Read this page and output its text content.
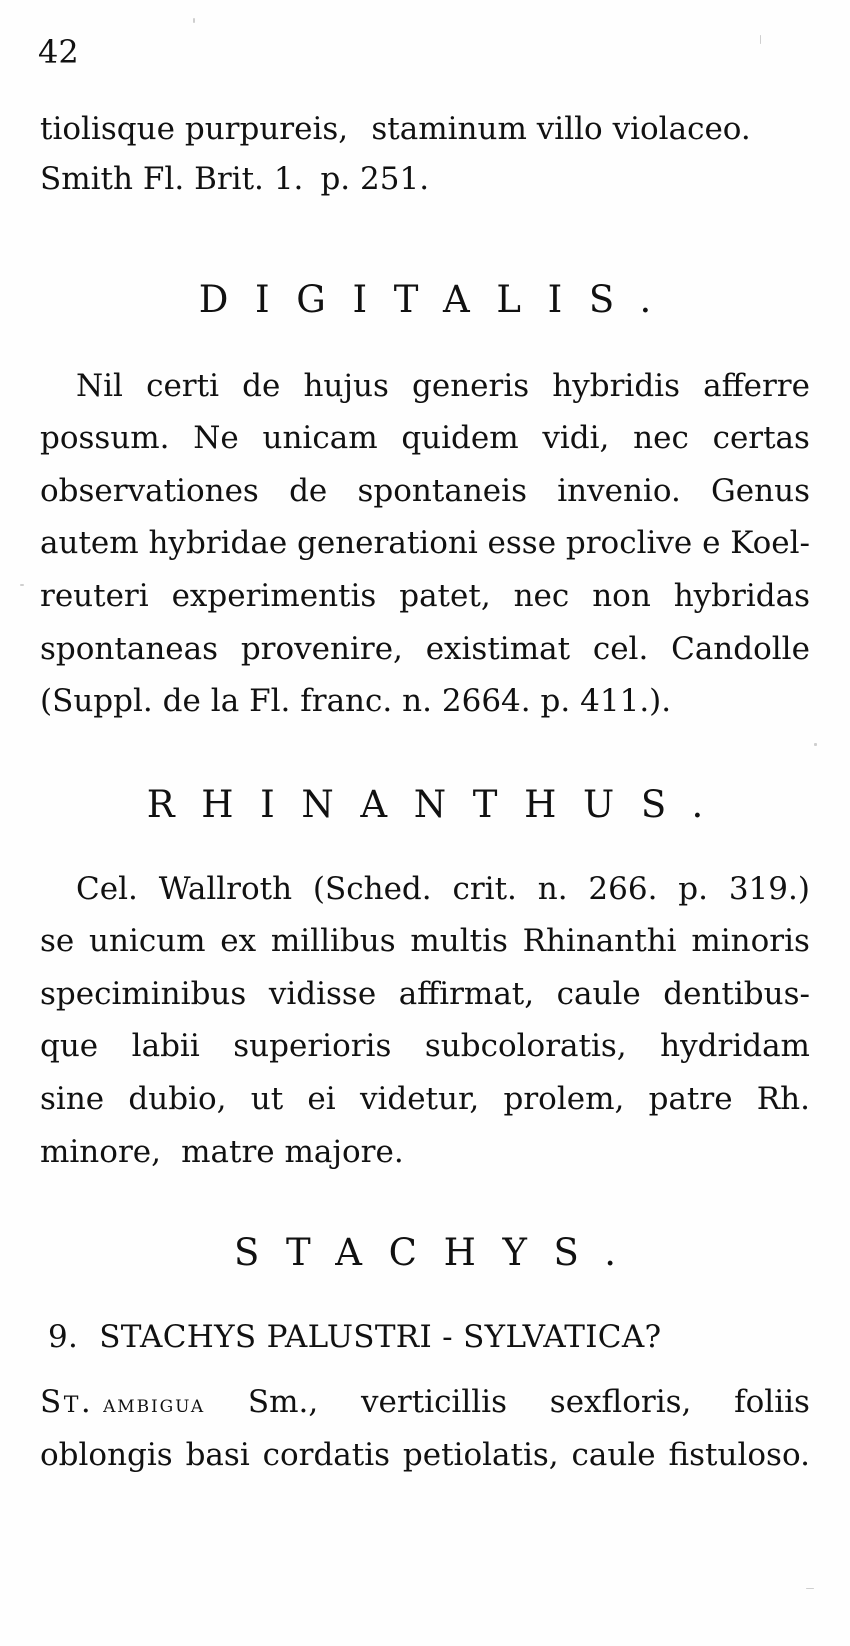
42
tiolisque purpureis, staminum villo violaceo.
Smith Fl. Brit. 1. p. 251.
DIGITALIS.
Nil certi de hujus generis hybridis afferre
possum. Ne unicam quidem vidi, nec certas
observationes de spontaneis invenio. Genus
autem hybridae generationi esse proclive e Koel-
reuteri experimentis patet, nec non hybridas
spontaneas provenire, existimat cel. Candolle
(Suppl. de la Fl. franc. n. 2664. p. 411.).
RHINANTHUS.
Cel. Wallroth (Sched. crit. n. 266. p. 319.)
se unicum ex millibus multis Rhinanthi minoris
speciminibus vidisse affirmat, caule dentibus-
que labii superioris subcoloratis, hydridam
sine dubio, ut ei videtur, prolem, patre Rh.
minore, matre majore.
STACHYS.
9. STACHYS PALUSTRI - SYLVATICA?
St. ambigua Sm., verticillis sexfloris, foliis
oblongis basi cordatis petiolatis, caule fistuloso.
